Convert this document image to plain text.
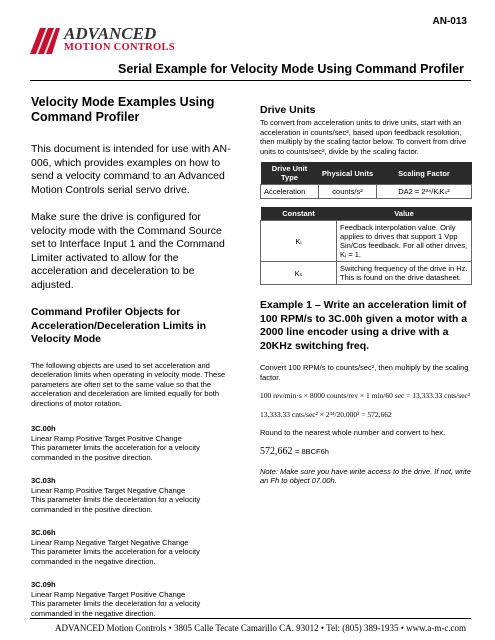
ADVANCED
MOTION CONTROLS
AN-013
Serial Example for Velocity Mode Using Command Profiler
Velocity Mode Examples Using Command Profiler

This document is intended for use with AN-006, which provides examples on how to send a velocity command to an Advanced Motion Controls serial servo drive.

Make sure the drive is configured for velocity mode with the Command Source set to Interface Input 1 and the Command Limiter activated to allow for the acceleration and deceleration to be adjusted.

Command Profiler Objects for Acceleration/Deceleration Limits in Velocity Mode

The following objects are used to set acceleration and deceleration limits when operating in velocity mode. These parameters are often set to the same value so that the acceleration and deceleration are limited equally for both directions of motor rotation.

3C.00h
Linear Ramp Positive Target Positive Change
This parameter limits the acceleration for a velocity
commanded in the positive direction.
3C.03h
Linear Ramp Positive Target Negative Change
This parameter limits the deceleration for a velocity
commanded in the positive direction.
3C.06h
Linear Ramp Negative Target Negative Change
This parameter limits the acceleration for a velocity
commanded in the negative direction.
3C.09h
Linear Ramp Negative Target Positive Change
This parameter limits the deceleration for a velocity
commanded in the negative direction.
Drive Units

To convert from acceleration units to drive units, start with an acceleration in counts/sec², based upon feedback resolution, then multiply by the scaling factor below. To convert from drive units to counts/sec², divide by the scaling factor.

Drive Unit Type	Physical Units	Scaling Factor
Acceleration	counts/s²	DA2 = 2³⁴/KᵢKₛ²
Constant	Value
Kᵢ	Feedback interpolation value. Only applies to drives that support 1 Vpp Sin/Cos feedback. For all other drives, Kᵢ = 1.
Kₛ	Switching frequency of the drive in Hz. This is found on the drive datasheet.
Example 1 – Write an acceleration limit of 100 RPM/s to 3C.00h given a motor with a 2000 line encoder using a drive with a 20KHz switching freq.

Convert 100 RPM/s to counts/sec², then multiply by the scaling factor.

100 rev/min·s × 8000 counts/rev × 1 min/60 sec = 13,333.33 cnts/sec²
13,333.33 cnts/sec² × 2³⁴/20,000² = 572,662

Round to the nearest whole number and convert to hex.

572,662 = 8BCF6h
Note: Make sure you have write access to the drive. If not, write an Fh to object 07.00h.
ADVANCED Motion Controls • 3805 Calle Tecate Camarillo CA. 93012 • Tel: (805) 389-1935 • www.a-m-c.com
